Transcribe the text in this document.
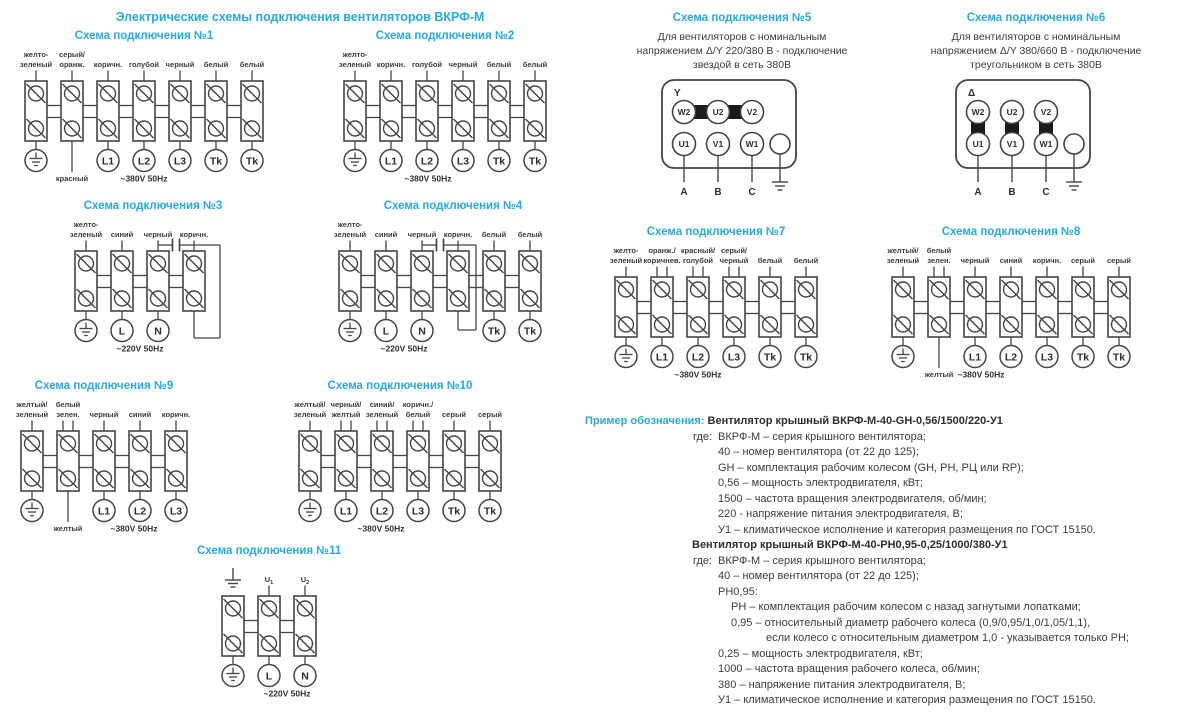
Электрические схемы подключения вентиляторов ВКРФ-М
Схема подключения №1
желто-
зеленый
серый/
оранж.
красный
коричн.
L1
голубой
L2
черный
L3
белый
Tk
белый
Tk
~380V 50Hz
Схема подключения №2
желто-
зеленый коричн.
L1
голубой
L2
черный
L3
белый
Tk
белый
Tk
~380V 50Hz
Схема подключения №3
желто-
зеленый синий
L
черный
N
коричн.
~220V 50Hz
Схема подключения №4
желто-
зеленый синий
L
черный
N
коричн. белый
Tk
белый
Tk
~220V 50Hz
Схема подключения №5
Для вентиляторов с номинальным
напряжением Δ/Y 220/380 В - подключение
звездой в сеть 380В
Y
W2
U1
A
U2
V1
B
V2
W1
C
Схема подключения №6
Для вентиляторов с номинальным
напряжением Δ/Y 380/660 В - подключение
треугольником в сеть 380В
Δ
W2
U1
A
U2
V1
B
V2
W1
C
Схема подключения №7
желто-
зеленый
оранж./
коричнев.
L1
красный/
голубой
L2
серый/
черный
L3
белый
Tk
белый
Tk
~380V 50Hz
Схема подключения №8
желтый/
зеленый
белый
зелен.
желтый
черный
L1
синий
L2
коричн.
L3
серый
Tk
серый
Tk
~380V 50Hz
Схема подключения №9
желтый/
зеленый
белый
зелен.
желтый
черный
L1
синий
L2
коричн.
L3
~380V 50Hz
Схема подключения №10
желтый/
зеленый
черный/
желтый
L1
синий/
зеленый
L2
коричн./
белый
L3
серый
Tk
серый
Tk
~380V 50Hz
Схема подключения №11
$U_1$
L
$U_2$
N
~220V 50Hz
Пример обозначения: Вентилятор крышный ВКРФ-М-40-GH-0,56/1500/220-У1
где: ВКРФ-М – серия крышного вентилятора;
40 – номер вентилятора (от 22 до 125);
GH – комплектация рабочим колесом (GH, PH, РЦ или RP);
0,56 – мощность электродвигателя, кВт;
1500 – частота вращения электродвигателя, об/мин;
220 - напряжение питания электродвигателя, В;
У1 – климатическое исполнение и категория размещения по ГОСТ 15150.
Вентилятор крышный ВКРФ-М-40-РН0,95-0,25/1000/380-У1
где: ВКРФ-М – серия крышного вентилятора;
40 – номер вентилятора (от 22 до 125);
РН0,95:
РН – комплектация рабочим колесом с назад загнутыми лопатками;
0,95 – относительный диаметр рабочего колеса (0,9/0,95/1,0/1,05/1,1),
если колесо с относительным диаметром 1,0 - указывается только РН;
0,25 – мощность электродвигателя, кВт;
1000 – частота вращения рабочего колеса, об/мин;
380 – напряжение питания электродвигателя, В;
У1 – климатическое исполнение и категория размещения по ГОСТ 15150.
